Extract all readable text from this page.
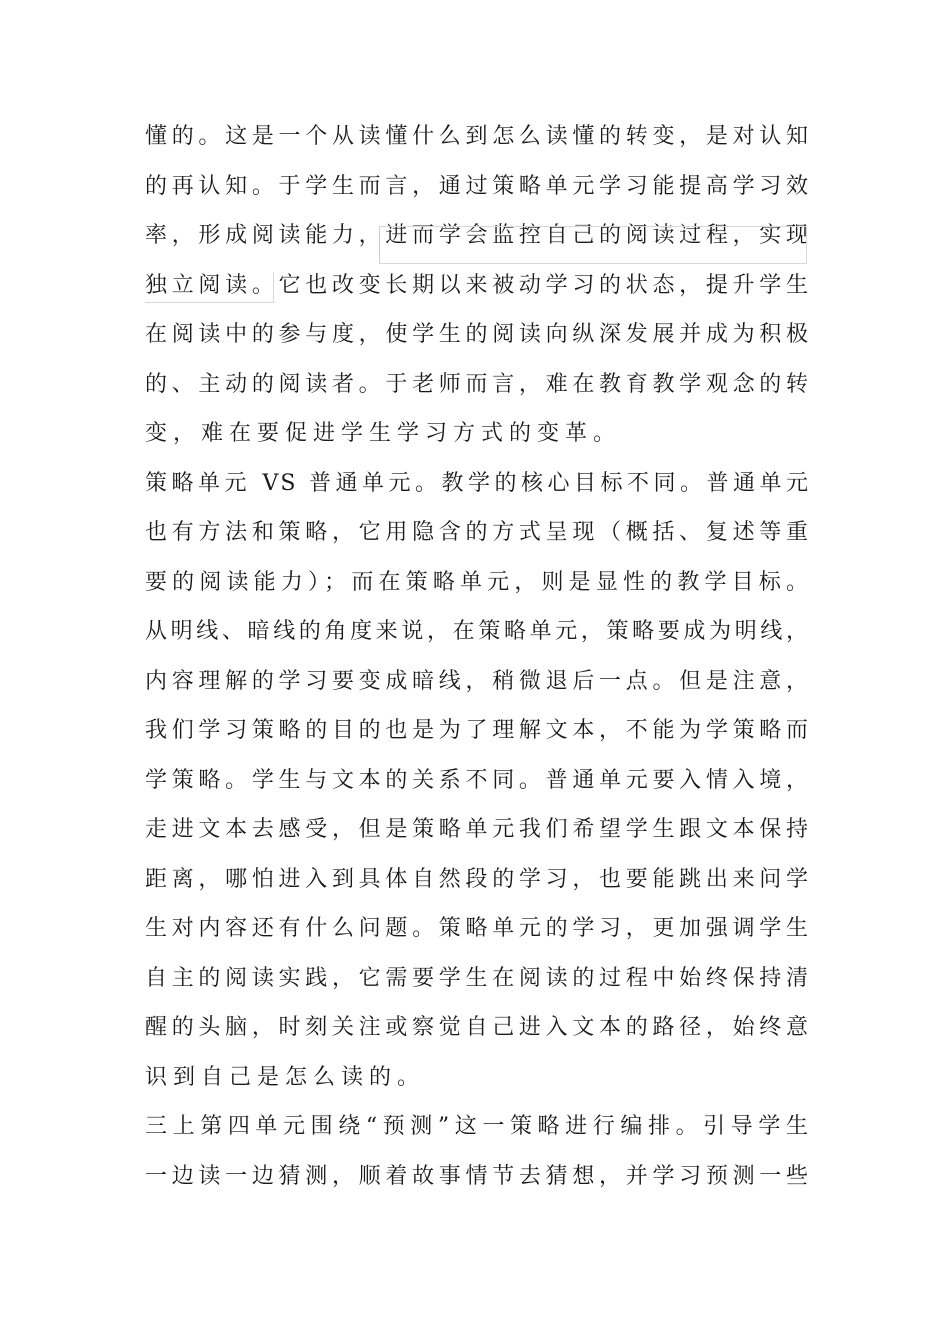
懂的。这是一个从读懂什么到怎么读懂的转变，是对认知
的再认知。于学生而言，通过策略单元学习能提高学习效
率，形成阅读能力，进而学会监控自己的阅读过程，实现
独立阅读。它也改变长期以来被动学习的状态，提升学生
在阅读中的参与度，使学生的阅读向纵深发展并成为积极
的、主动的阅读者。于老师而言，难在教育教学观念的转
变，难在要促进学生学习方式的变革。
策略单元 VS 普通单元。教学的核心目标不同。普通单元
也有方法和策略，它用隐含的方式呈现（概括、复述等重
要的阅读能力）；而在策略单元，则是显性的教学目标。
从明线、暗线的角度来说，在策略单元，策略要成为明线，
内容理解的学习要变成暗线，稍微退后一点。但是注意，
我们学习策略的目的也是为了理解文本，不能为学策略而
学策略。学生与文本的关系不同。普通单元要入情入境，
走进文本去感受，但是策略单元我们希望学生跟文本保持
距离，哪怕进入到具体自然段的学习，也要能跳出来问学
生对内容还有什么问题。策略单元的学习，更加强调学生
自主的阅读实践，它需要学生在阅读的过程中始终保持清
醒的头脑，时刻关注或察觉自己进入文本的路径，始终意
识到自己是怎么读的。
三上第四单元围绕“预测”这一策略进行编排。引导学生
一边读一边猜测，顺着故事情节去猜想，并学习预测一些
